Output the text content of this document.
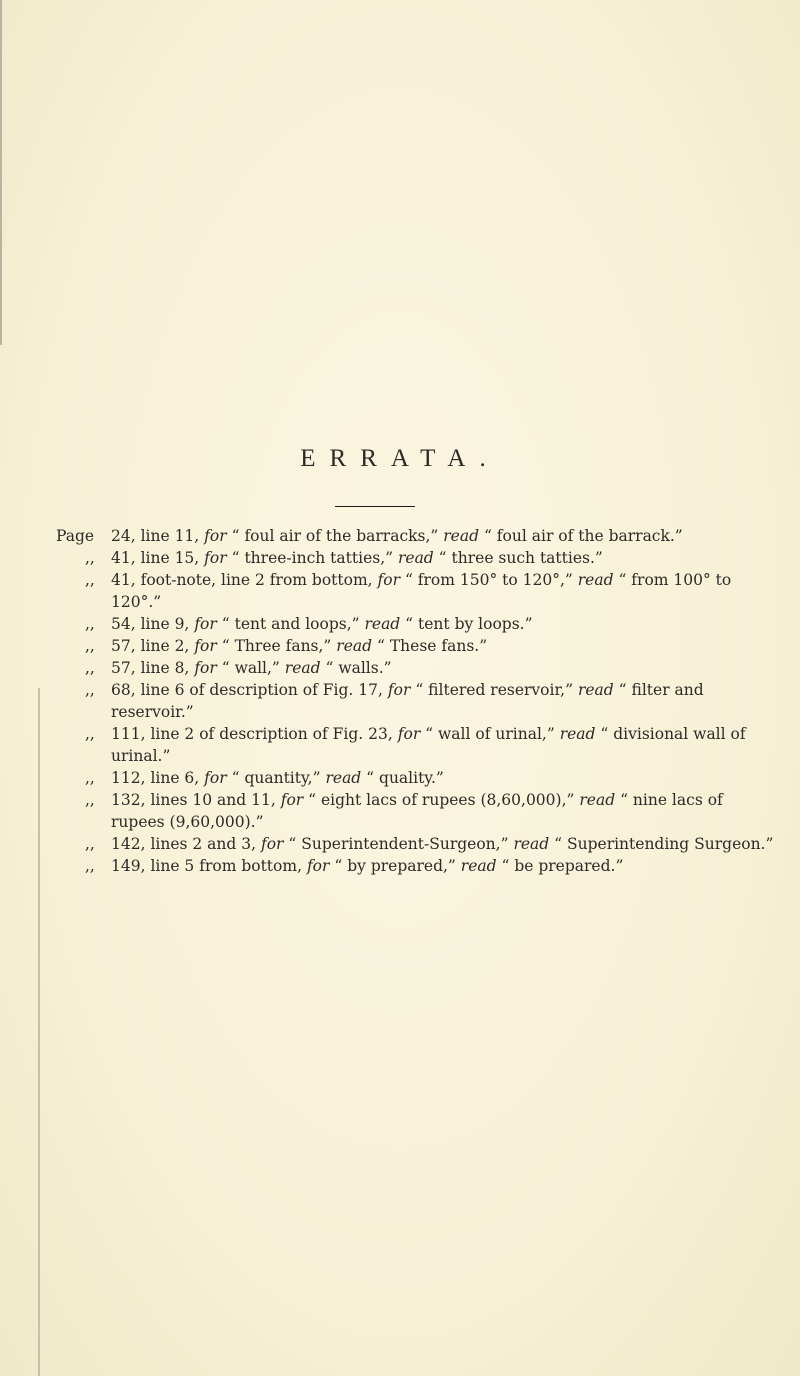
ERRATA.
Page	24, line 11, for “ foul air of the barracks,” read “ foul air of the barrack.”
,,	41, line 15, for “ three-inch tatties,” read “ three such tatties.”
,,	41, foot-note, line 2 from bottom, for “ from 150° to 120°,” read “ from 100° to 120°.”
,,	54, line 9, for “ tent and loops,” read “ tent by loops.”
,,	57, line 2, for “ Three fans,” read “ These fans.”
,,	57, line 8, for “ wall,” read “ walls.”
,,	68, line 6 of description of Fig. 17, for “ filtered reservoir,” read “ filter and reservoir.”
,,	111, line 2 of description of Fig. 23, for “ wall of urinal,” read “ divisional wall of urinal.”
,,	112, line 6, for “ quantity,” read “ quality.”
,,	132, lines 10 and 11, for “ eight lacs of rupees (8,60,000),” read “ nine lacs of rupees (9,60,000).”
,,	142, lines 2 and 3, for “ Superintendent-Surgeon,” read “ Superintending Surgeon.”
,,	149, line 5 from bottom, for “ by prepared,” read “ be prepared.”
